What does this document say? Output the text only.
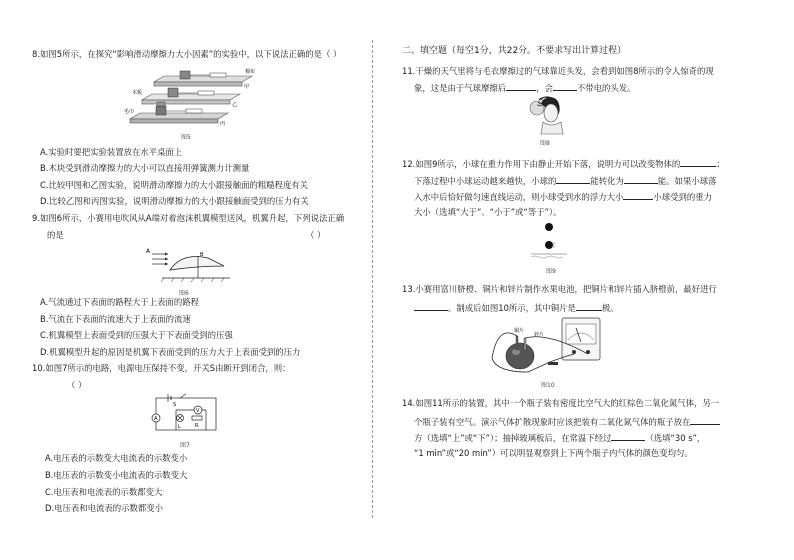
8.如图5所示，在探究“影响滑动摩擦力大小因素”的实验中，以下说法正确的是（ ）
棉布
木板
毛巾
甲
乙
丙
图5
A.实验时要把实验装置放在水平桌面上
B.木块受到滑动摩擦力的大小可以直接用弹簧测力计测量
C.比较甲图和乙图实验，说明滑动摩擦力的大小跟接触面的粗糙程度有关
D.比较乙图和丙图实验，说明滑动摩擦力的大小跟接触面受到的压力有关
9.如图6所示，小赛用电吹风从A端对着泡沫机翼模型送风，机翼升起，下列说法正确
的是	（ ）
A	B
图6
A.气流通过下表面的路程大于上表面的路程
B.气流在下表面的流速大于上表面的流速
C.机翼模型上表面受到的压强大于下表面受到的压强
D.机翼模型升起的原因是机翼下表面受到的压力大于上表面受到的压力
10.如图7所示的电路，电源电压保持不变，开关S由断开到闭合，则：
（ ）
S
V
A
L	R
图7
A.电压表的示数变大电流表的示数变小
B.电压表的示数变小电流表的示数变大
C.电压表和电流表的示数都变大
D.电压表和电流表的示数都变小
二、填空题（每空1分，共22分。不要求写出计算过程）
11.干燥的天气里将与毛衣摩擦过的气球靠近头发，会看到如图8所示的令人惊奇的现
象，这是由于气球摩擦后	，会	不带电的头发。
图8
12.如图9所示，小球在重力作用下由静止开始下落，说明力可以改变物体的	；
下落过程中小球运动越来越快，小球的	能转化为	能。如果小球落
入水中后恰好做匀速直线运动，则小球受到水的浮力大小	小球受到的重力
大小（选填“大于”、“小于”或“等于”）。
图9
13.小赛用富川脐橙、铜片和锌片制作水果电池，把铜片和锌片插入脐橙前，最好进行
。制成后如图10所示，其中铜片是	极。
铜片
锌片
图10
14.如图11所示的装置，其中一个瓶子装有密度比空气大的红棕色二氧化氮气体，另一
个瓶子装有空气。演示气体扩散现象时应该把装有二氧化氮气体的瓶子放在
方（选填“上”或“下”）；抽掉玻璃板后，在常温下经过	（选填“30 s”，
“1 min”或“20 min”）可以明显观察到上下两个瓶子内气体的颜色变均匀。
